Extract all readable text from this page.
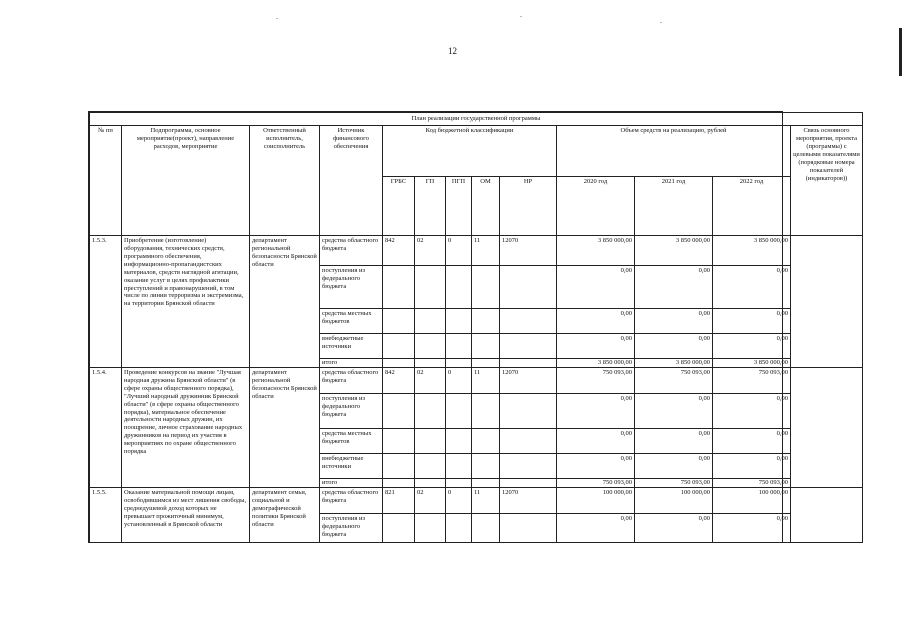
12
План реализации государственной программы												
№ пп	Подпрограмма, основное мероприятие(проект), направление расходов, мероприятие	Ответственный исполнитель, соисполнитель	Источник финансового обеспечения	Код бюджетной классификации					Объем средств на реализацию, рублей			Связь основного мероприятия, проекта (программы) с целевыми показателями (порядковые номера показателей (индикаторов))
				ГРБС	ГП	ПГП	ОМ	НР	2020 год	2021 год	2022 год	
1.5.3.	Приобретение (изготовление) оборудования, технических средств, программного обеспечения, информационно-пропагандистских материалов, средств наглядной агитации, оказание услуг в целях профилактики преступлений и правонарушений, в том числе по линии терроризма и экстремизма, на территории Брянской области	департамент региональной безопасности Брянской области	средства областного бюджета	842	02	0	11	12070	3 850 000,00	3 850 000,00	3 850 000,00	
			поступления из федерального бюджета						0,00	0,00	0,00	
			средства местных бюджетов						0,00	0,00	0,00	
			внебюджетные источники						0,00	0,00	0,00	
			итого						3 850 000,00	3 850 000,00	3 850 000,00	
1.5.4.	Проведение конкурсов на звание "Лучшая народная дружина Брянской области" (в сфере охраны общественного порядка), "Лучший народный дружинник Брянской области" (в сфере охраны общественного порядка), материальное обеспечение деятельности народных дружин, их поощрение, личное страхование народных дружинников на период их участия в мероприятиях по охране общественного порядка	департамент региональной безопасности Брянской области	средства областного бюджета	842	02	0	11	12070	750 093,00	750 093,00	750 093,00	
			поступления из федерального бюджета						0,00	0,00	0,00	
			средства местных бюджетов						0,00	0,00	0,00	
			внебюджетные источники						0,00	0,00	0,00	
			итого						750 093,00	750 093,00	750 093,00	
1.5.5.	Оказание материальной помощи лицам, освободившимся из мест лишения свободы, среднедушевой доход которых не превышает прожиточный минимум, установленный в Брянской области	департамент семьи, социальной и демографической политики Брянской области	средства областного бюджета	821	02	0	11	12070	100 000,00	100 000,00	100 000,00	
			поступления из федерального бюджета						0,00	0,00	0,00	
